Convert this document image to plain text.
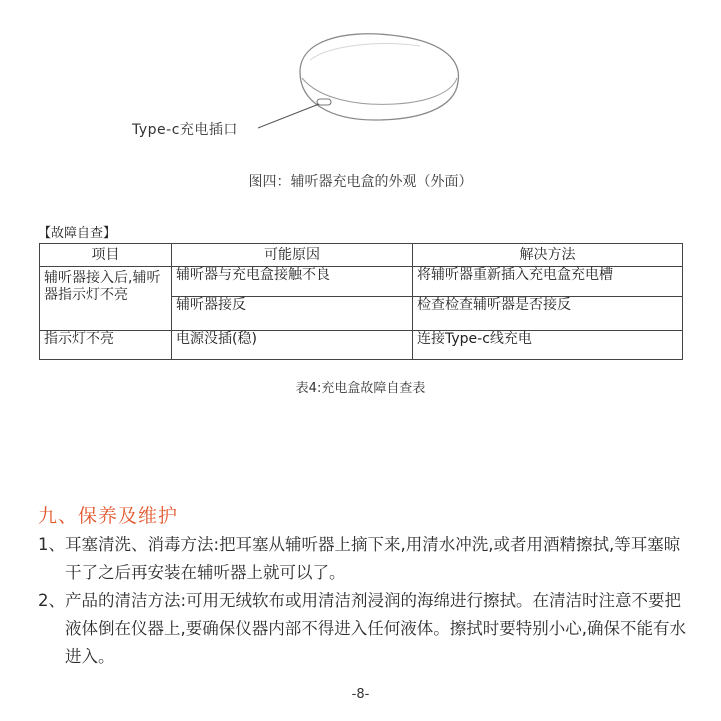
Type-c充电插口
图四：辅听器充电盒的外观（外面）
【故障自查】
项目	可能原因	解决方法
辅听器接入后,辅听器指示灯不亮	辅听器与充电盒接触不良	将辅听器重新插入充电盒充电槽
	辅听器接反	检查检查辅听器是否接反
指示灯不亮	电源没插(稳)	连接Type-c线充电
表4:充电盒故障自查表
九、保养及维护
1、 耳塞清洗、消毒方法:把耳塞从辅听器上摘下来,用清水冲洗,或者用酒精擦拭,等耳塞晾干了之后再安装在辅听器上就可以了。
2、 产品的清洁方法:可用无绒软布或用清洁剂浸润的海绵进行擦拭。在清洁时注意不要把液体倒在仪器上,要确保仪器内部不得进入任何液体。擦拭时要特别小心,确保不能有水进入。
-8-
